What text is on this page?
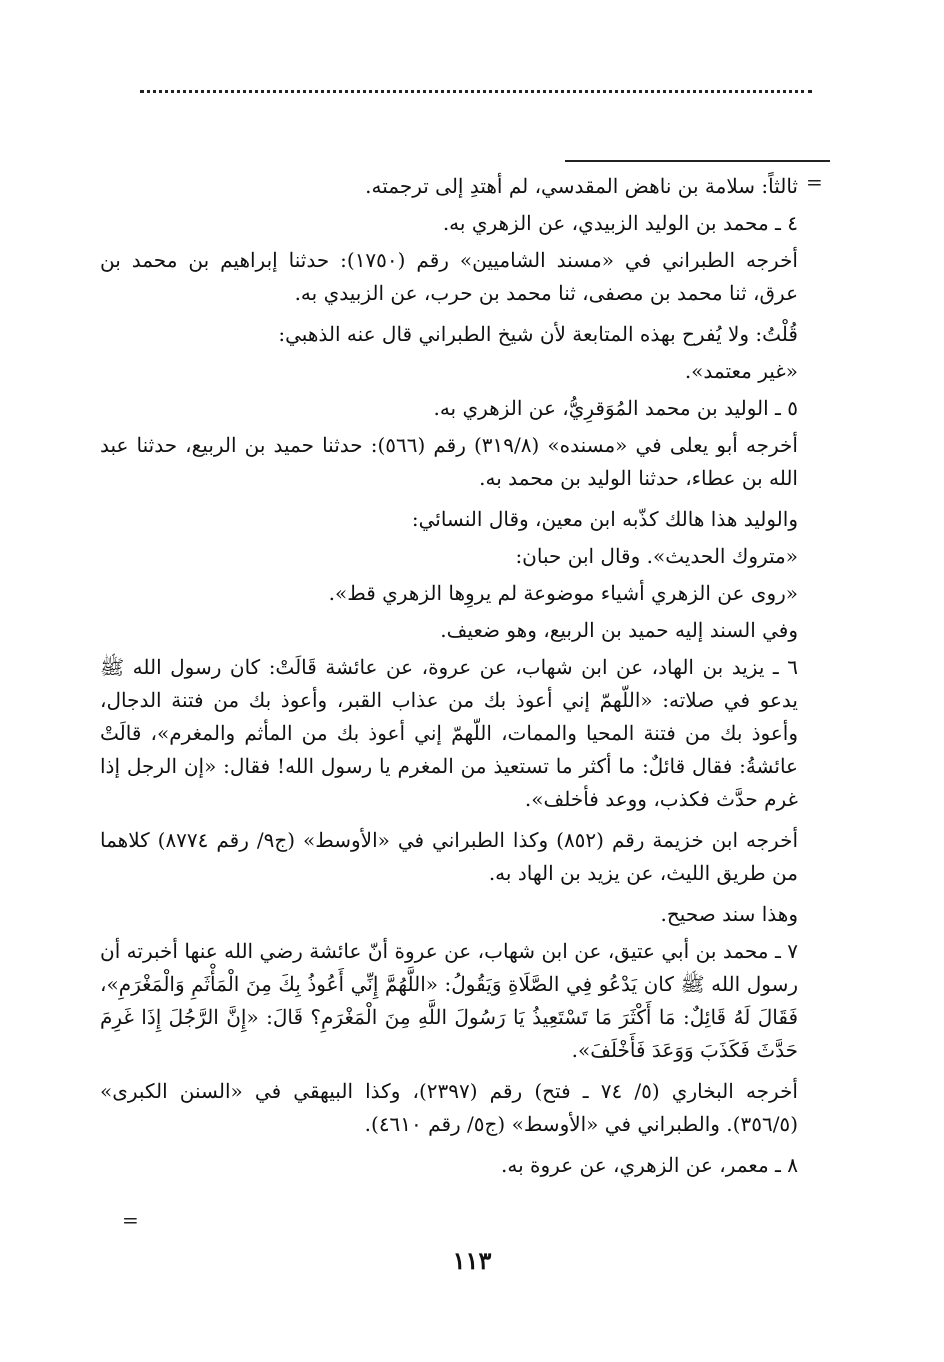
=
=

ثالثاً: سلامة بن ناهض المقدسي، لم أهتدِ إلى ترجمته.

٤ ـ محمد بن الوليد الزبيدي، عن الزهري به.

أخرجه الطبراني في «مسند الشاميين» رقم (١٧٥٠): حدثنا إبراهيم بن محمد بن عرق، ثنا محمد بن مصفى، ثنا محمد بن حرب، عن الزبيدي به.

قُلْتُ: ولا يُفرح بهذه المتابعة لأن شيخ الطبراني قال عنه الذهبي:

«غير معتمد».

٥ ـ الوليد بن محمد المُوَقرِيُّ، عن الزهري به.

أخرجه أبو يعلى في «مسنده» (٣١٩/٨) رقم (٥٦٦): حدثنا حميد بن الربيع، حدثنا عبد الله بن عطاء، حدثنا الوليد بن محمد به.

والوليد هذا هالك كذّبه ابن معين، وقال النسائي:

«متروك الحديث». وقال ابن حبان:

«روى عن الزهري أشياء موضوعة لم يروِها الزهري قط».

وفي السند إليه حميد بن الربيع، وهو ضعيف.

٦ ـ يزيد بن الهاد، عن ابن شهاب، عن عروة، عن عائشة قَالَتْ: كان رسول الله ﷺ يدعو في صلاته: «اللّهمّ إني أعوذ بك من عذاب القبر، وأعوذ بك من فتنة الدجال، وأعوذ بك من فتنة المحيا والممات، اللّهمّ إني أعوذ بك من المأثم والمغرم»، قالَتْ عائشةُ: فقال قائلٌ: ما أكثر ما تستعيذ من المغرم يا رسول الله! فقال: «إن الرجل إذا غرم حدَّث فكذب، ووعد فأخلف».

أخرجه ابن خزيمة رقم (٨٥٢) وكذا الطبراني في «الأوسط» (ج٩/ رقم ٨٧٧٤) كلاهما من طريق الليث، عن يزيد بن الهاد به.

وهذا سند صحيح.

٧ ـ محمد بن أبي عتيق، عن ابن شهاب، عن عروة أنّ عائشة رضي الله عنها أخبرته أن رسول الله ﷺ كان يَدْعُو فِي الصَّلَاةِ وَيَقُولُ: «اللَّهُمَّ إِنِّي أَعُوذُ بِكَ مِنَ الْمَأْثَمِ وَالْمَغْرَمِ»، فَقَالَ لَهُ قَائِلٌ: مَا أَكْثَرَ مَا تَسْتَعِيذُ يَا رَسُولَ اللَّهِ مِنَ الْمَغْرَمِ؟ قَالَ: «إِنَّ الرَّجُلَ إِذَا غَرِمَ حَدَّثَ فَكَذَبَ وَوَعَدَ فَأَخْلَفَ».

أخرجه البخاري (٥/ ٧٤ ـ فتح) رقم (٢٣٩٧)، وكذا البيهقي في «السنن الكبرى» (٣٥٦/٥). والطبراني في «الأوسط» (ج٥/ رقم ٤٦١٠).

٨ ـ معمر، عن الزهري، عن عروة به.

١١٣
